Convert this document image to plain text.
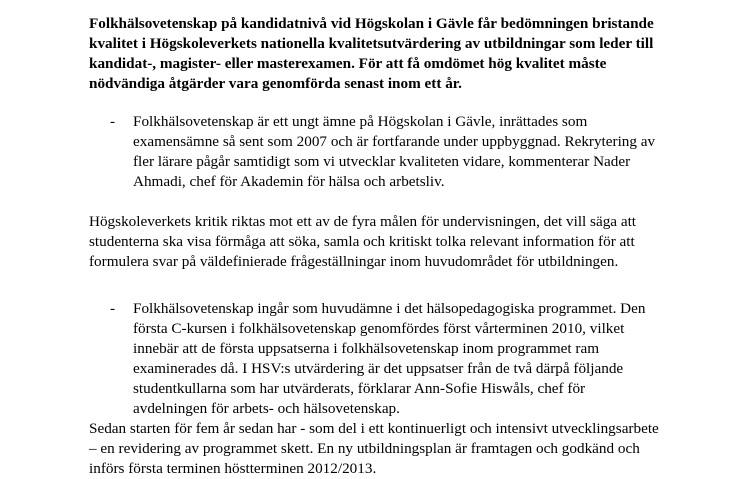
Folkhälsovetenskap på kandidatnivå vid Högskolan i Gävle får bedömningen bristande
kvalitet i Högskoleverkets nationella kvalitetsutvärdering av utbildningar som leder till
kandidat-, magister- eller masterexamen. För att få omdömet hög kvalitet måste
nödvändiga åtgärder vara genomförda senast inom ett år.

- Folkhälsovetenskap är ett ungt ämne på Högskolan i Gävle, inrättades som
examensämne så sent som 2007 och är fortfarande under uppbyggnad. Rekrytering av
fler lärare pågår samtidigt som vi utvecklar kvaliteten vidare, kommenterar Nader
Ahmadi, chef för Akademin för hälsa och arbetsliv.

Högskoleverkets kritik riktas mot ett av de fyra målen för undervisningen, det vill säga att
studenterna ska visa förmåga att söka, samla och kritiskt tolka relevant information för att
formulera svar på väldefinierade frågeställningar inom huvudområdet för utbildningen.

- Folkhälsovetenskap ingår som huvudämne i det hälsopedagogiska programmet. Den
första C-kursen i folkhälsovetenskap genomfördes först vårterminen 2010, vilket
innebär att de första uppsatserna i folkhälsovetenskap inom programmet ram
examinerades då. I HSV:s utvärdering är det uppsatser från de två därpå följande
studentkullarna som har utvärderats, förklarar Ann-Sofie Hiswåls, chef för
avdelningen för arbets- och hälsovetenskap.

Sedan starten för fem år sedan har - som del i ett kontinuerligt och intensivt utvecklingsarbete
– en revidering av programmet skett. En ny utbildningsplan är framtagen och godkänd och

införs första terminen höstterminen 2012/2013.
